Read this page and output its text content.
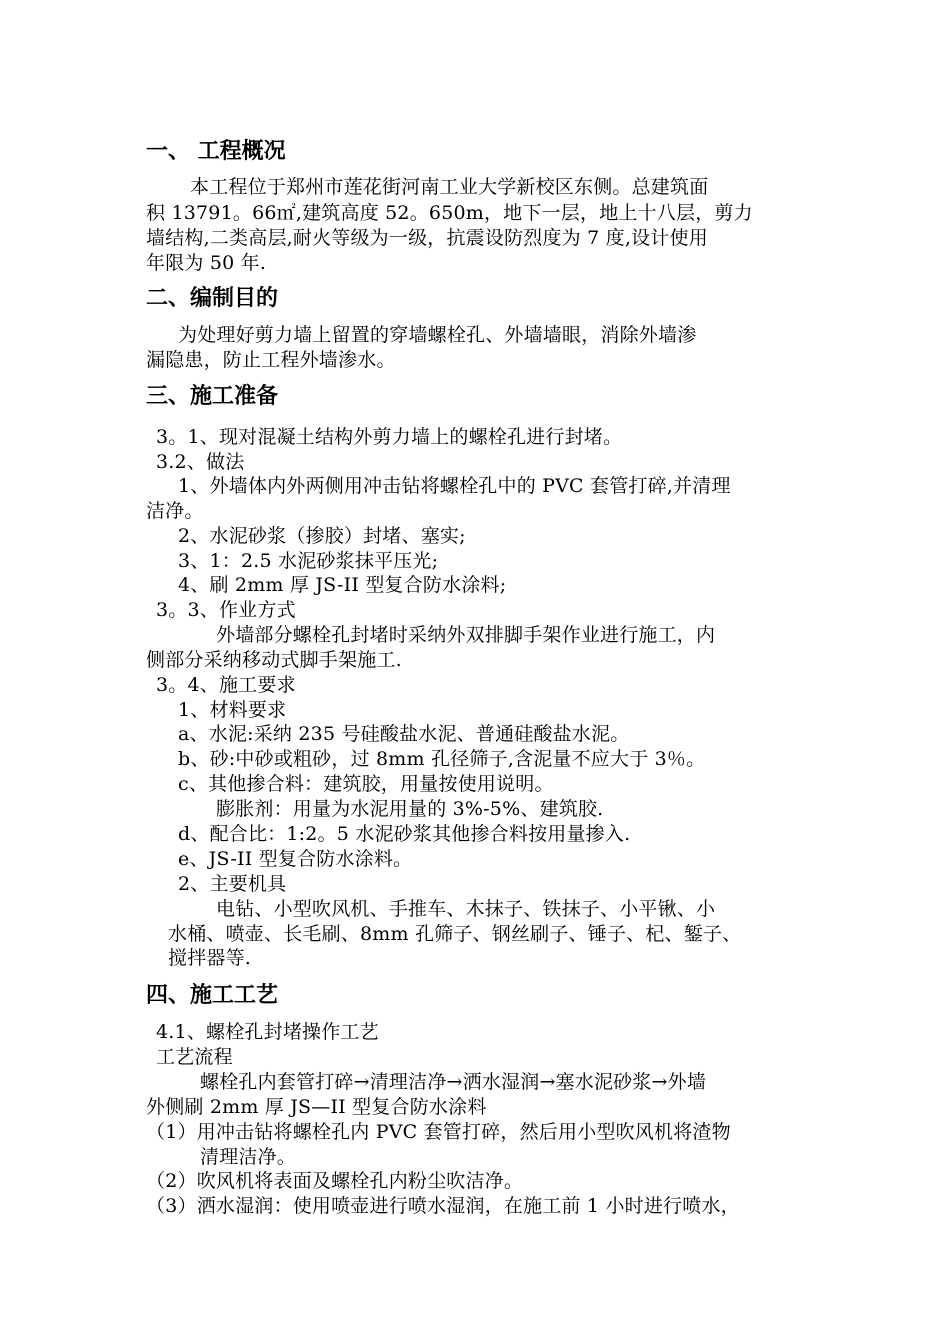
一、 工程概况
本工程位于郑州市莲花街河南工业大学新校区东侧。总建筑面
积 13791。66㎡,建筑高度 52。650m，地下一层，地上十八层，剪力
墙结构,二类高层,耐火等级为一级，抗震设防烈度为 7 度,设计使用
年限为 50 年.
二、编制目的
为处理好剪力墙上留置的穿墙螺栓孔、外墙墙眼，消除外墙渗
漏隐患，防止工程外墙渗水。
三、施工准备
3。1、现对混凝土结构外剪力墙上的螺栓孔进行封堵。
3.2、做法
1、外墙体内外两侧用冲击钻将螺栓孔中的 PVC 套管打碎,并清理
洁净。
2、水泥砂浆（掺胶）封堵、塞实;
3、1：2.5 水泥砂浆抹平压光;
4、刷 2mm 厚 JS-II 型复合防水涂料;
3。3、作业方式
外墙部分螺栓孔封堵时采纳外双排脚手架作业进行施工，内
侧部分采纳移动式脚手架施工.
3。4、施工要求
1、材料要求
a、水泥:采纳 235 号硅酸盐水泥、普通硅酸盐水泥。
b、砂:中砂或粗砂，过 8mm 孔径筛子,含泥量不应大于 3％。
c、其他掺合料：建筑胶，用量按使用说明。
膨胀剂：用量为水泥用量的 3%-5%、建筑胶.
d、配合比：1:2。5 水泥砂浆其他掺合料按用量掺入.
e、JS-II 型复合防水涂料。
2、主要机具
电钻、小型吹风机、手推车、木抹子、铁抹子、小平锹、小
水桶、喷壶、长毛刷、8mm 孔筛子、钢丝刷子、锤子、杞、錾子、
搅拌器等.
四、施工工艺
4.1、螺栓孔封堵操作工艺
工艺流程
螺栓孔内套管打碎→清理洁净→洒水湿润→塞水泥砂浆→外墙
外侧刷 2mm 厚 JS—II 型复合防水涂料
（1）用冲击钻将螺栓孔内 PVC 套管打碎，然后用小型吹风机将渣物
清理洁净。
（2）吹风机将表面及螺栓孔内粉尘吹洁净。
（3）洒水湿润：使用喷壶进行喷水湿润，在施工前 1 小时进行喷水，
